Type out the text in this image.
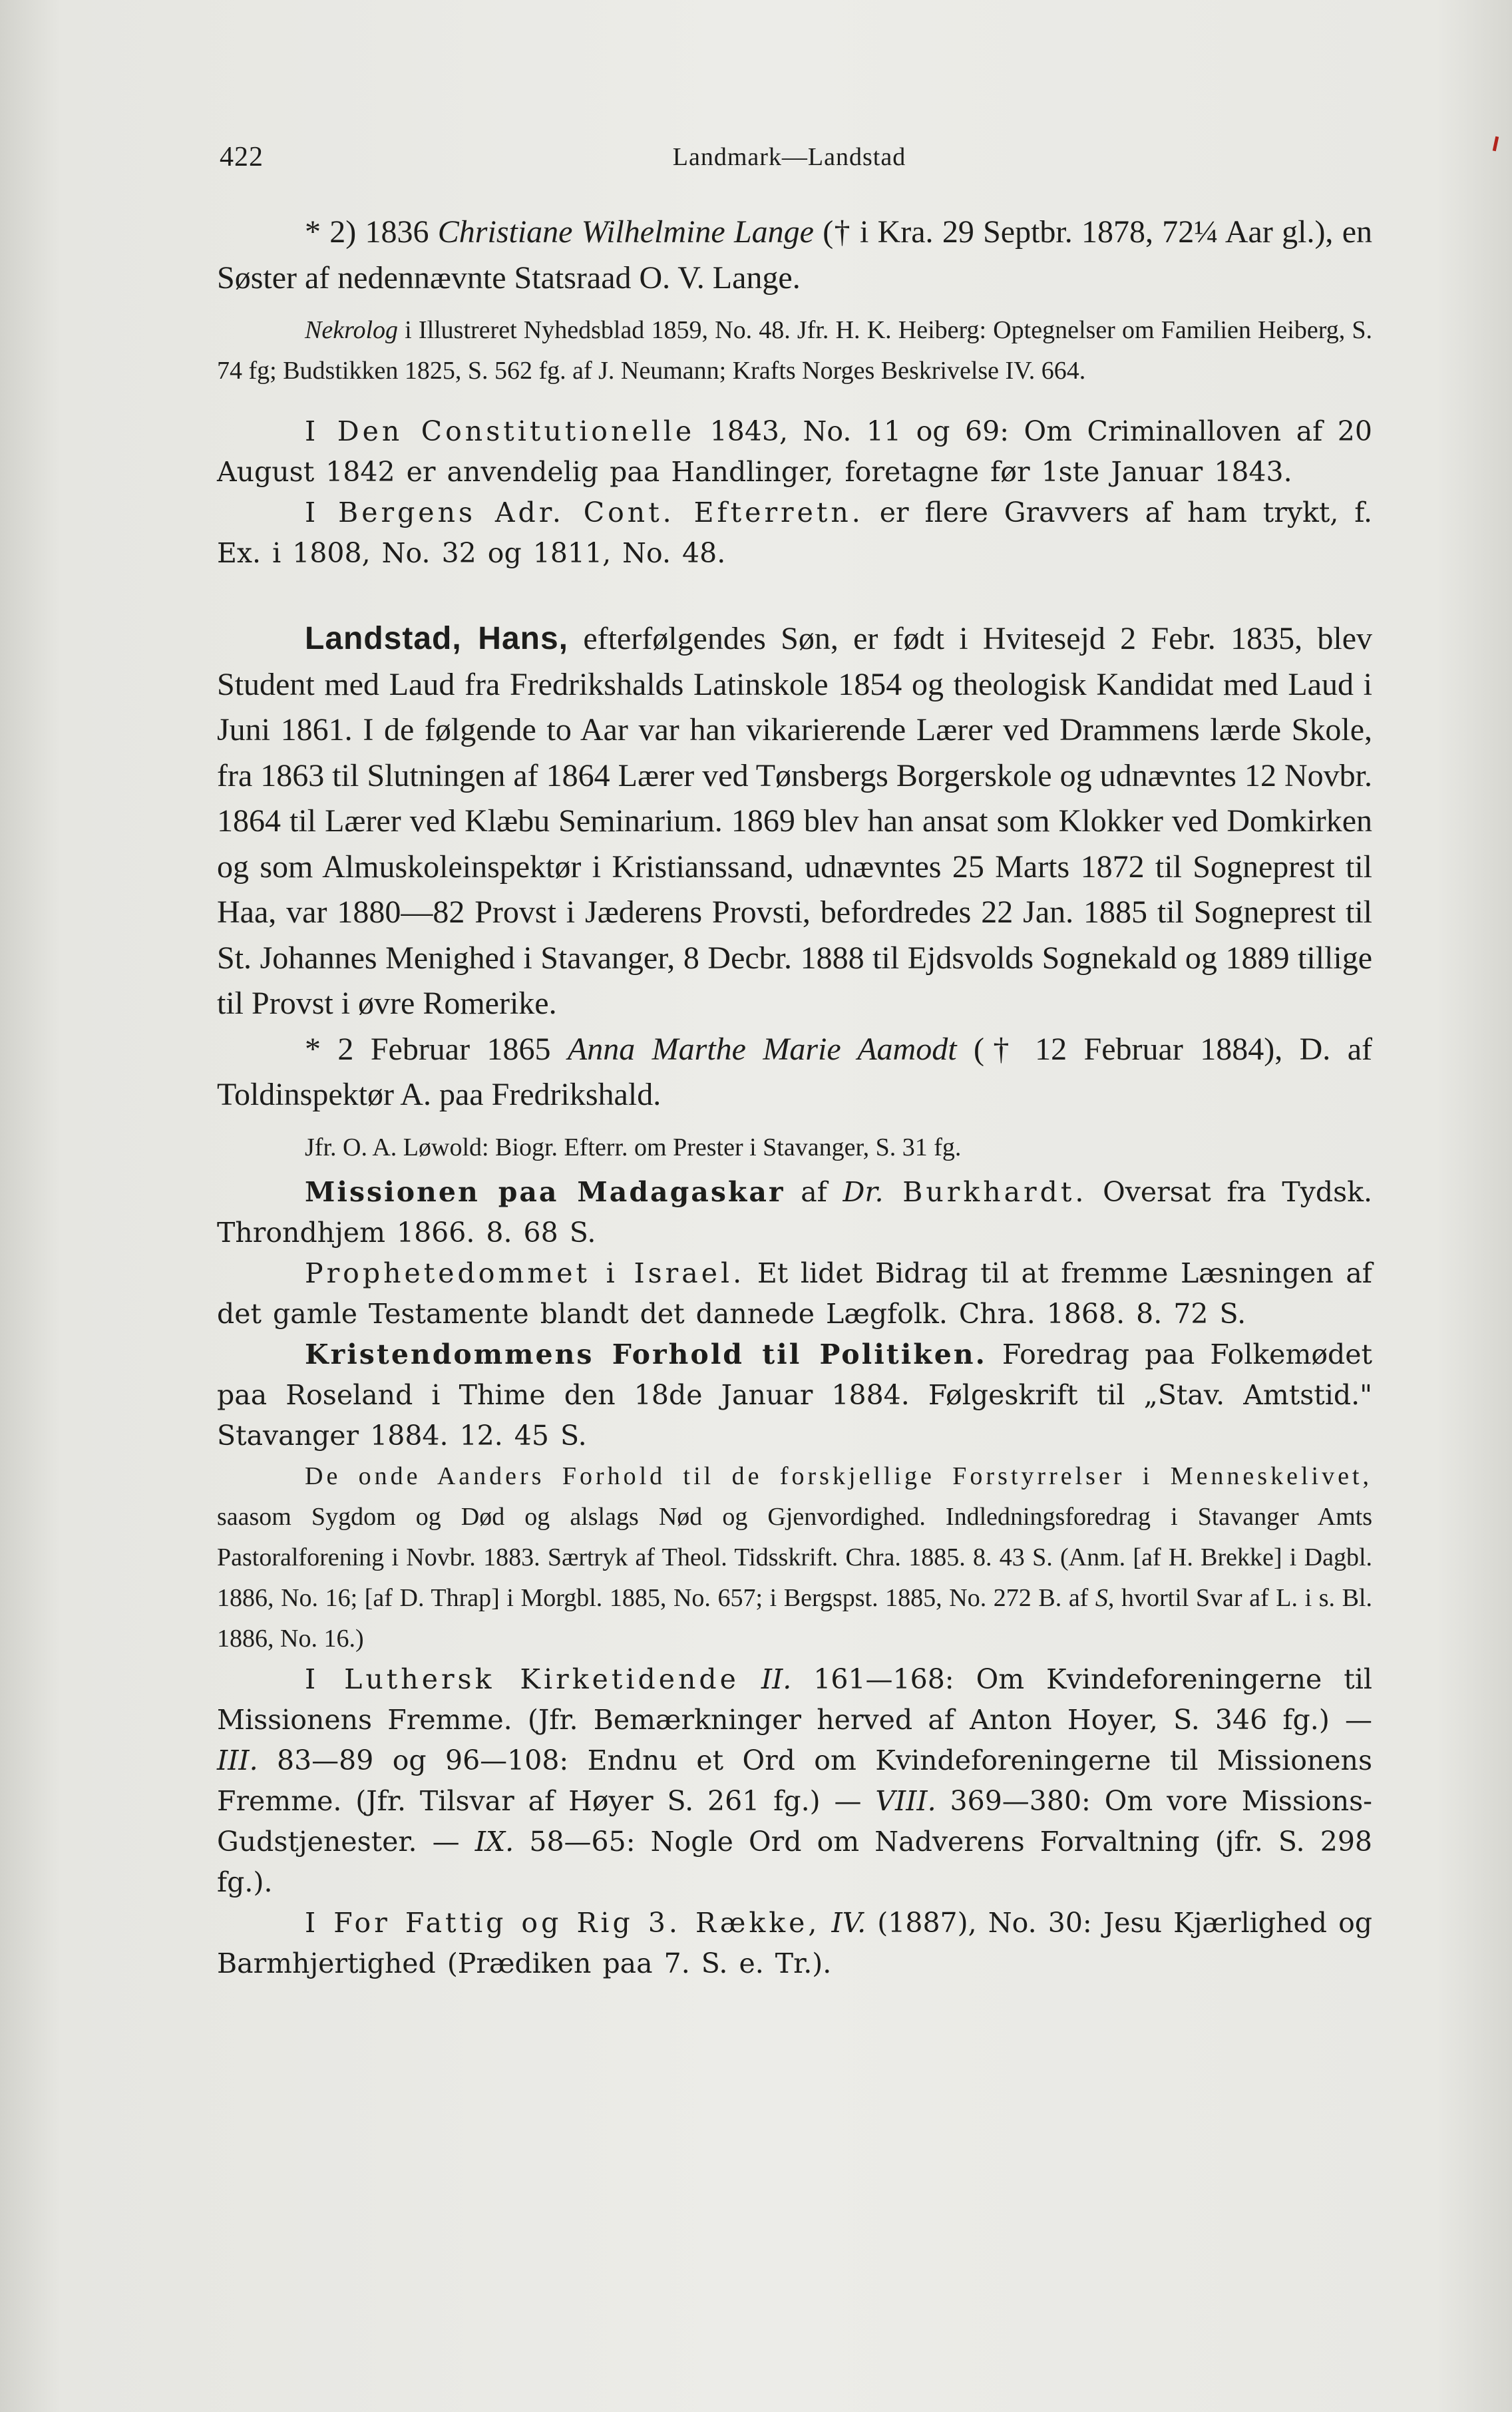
422	Landmark—Landstad

* 2) 1836 Christiane Wilhelmine Lange († i Kra. 29 Septbr. 1878, 72¼ Aar gl.), en Søster af nedennævnte Statsraad O. V. Lange.

Nekrolog i Illustreret Nyhedsblad 1859, No. 48. Jfr. H. K. Heiberg: Optegnelser om Familien Heiberg, S. 74 fg; Budstikken 1825, S. 562 fg. af J. Neumann; Krafts Norges Beskrivelse IV. 664.

I Den Constitutionelle 1843, No. 11 og 69: Om Criminalloven af 20 August 1842 er anvendelig paa Handlinger, foretagne før 1ste Januar 1843.

I Bergens Adr. Cont. Efterretn. er flere Gravvers af ham trykt, f. Ex. i 1808, No. 32 og 1811, No. 48.

Landstad, Hans, efterfølgendes Søn, er født i Hvitesejd 2 Febr. 1835, blev Student med Laud fra Fredrikshalds Latinskole 1854 og theologisk Kandidat med Laud i Juni 1861. I de følgende to Aar var han vikarierende Lærer ved Drammens lærde Skole, fra 1863 til Slutningen af 1864 Lærer ved Tønsbergs Borgerskole og udnævntes 12 Novbr. 1864 til Lærer ved Klæbu Seminarium. 1869 blev han ansat som Klokker ved Domkirken og som Almuskoleinspektør i Kristianssand, udnævntes 25 Marts 1872 til Sogneprest til Haa, var 1880—82 Provst i Jæderens Provsti, befordredes 22 Jan. 1885 til Sogneprest til St. Johannes Menighed i Stavanger, 8 Decbr. 1888 til Ejdsvolds Sognekald og 1889 tillige til Provst i øvre Romerike.

* 2 Februar 1865 Anna Marthe Marie Aamodt († 12 Februar 1884), D. af Toldinspektør A. paa Fredrikshald.

Jfr. O. A. Løwold: Biogr. Efterr. om Prester i Stavanger, S. 31 fg.

Missionen paa Madagaskar af Dr. Burkhardt. Oversat fra Tydsk. Throndhjem 1866. 8. 68 S.

Prophetedommet i Israel. Et lidet Bidrag til at fremme Læsningen af det gamle Testamente blandt det dannede Lægfolk. Chra. 1868. 8. 72 S.

Kristendommens Forhold til Politiken. Foredrag paa Folkemødet paa Roseland i Thime den 18de Januar 1884. Følgeskrift til „Stav. Amtstid." Stavanger 1884. 12. 45 S.

De onde Aanders Forhold til de forskjellige Forstyrrelser i Menneskelivet, saasom Sygdom og Død og alslags Nød og Gjenvordighed. Indledningsforedrag i Stavanger Amts Pastoralforening i Novbr. 1883. Særtryk af Theol. Tidsskrift. Chra. 1885. 8. 43 S. (Anm. [af H. Brekke] i Dagbl. 1886, No. 16; [af D. Thrap] i Morgbl. 1885, No. 657; i Bergspst. 1885, No. 272 B. af S, hvortil Svar af L. i s. Bl. 1886, No. 16.)

I Luthersk Kirketidende II. 161—168: Om Kvindeforeningerne til Missionens Fremme. (Jfr. Bemærkninger herved af Anton Hoyer, S. 346 fg.) — III. 83—89 og 96—108: Endnu et Ord om Kvindeforeningerne til Missionens Fremme. (Jfr. Tilsvar af Høyer S. 261 fg.) — VIII. 369—380: Om vore Missions-Gudstjenester. — IX. 58—65: Nogle Ord om Nadverens Forvaltning (jfr. S. 298 fg.).

I For Fattig og Rig 3. Række, IV. (1887), No. 30: Jesu Kjærlighed og Barmhjertighed (Prædiken paa 7. S. e. Tr.).
